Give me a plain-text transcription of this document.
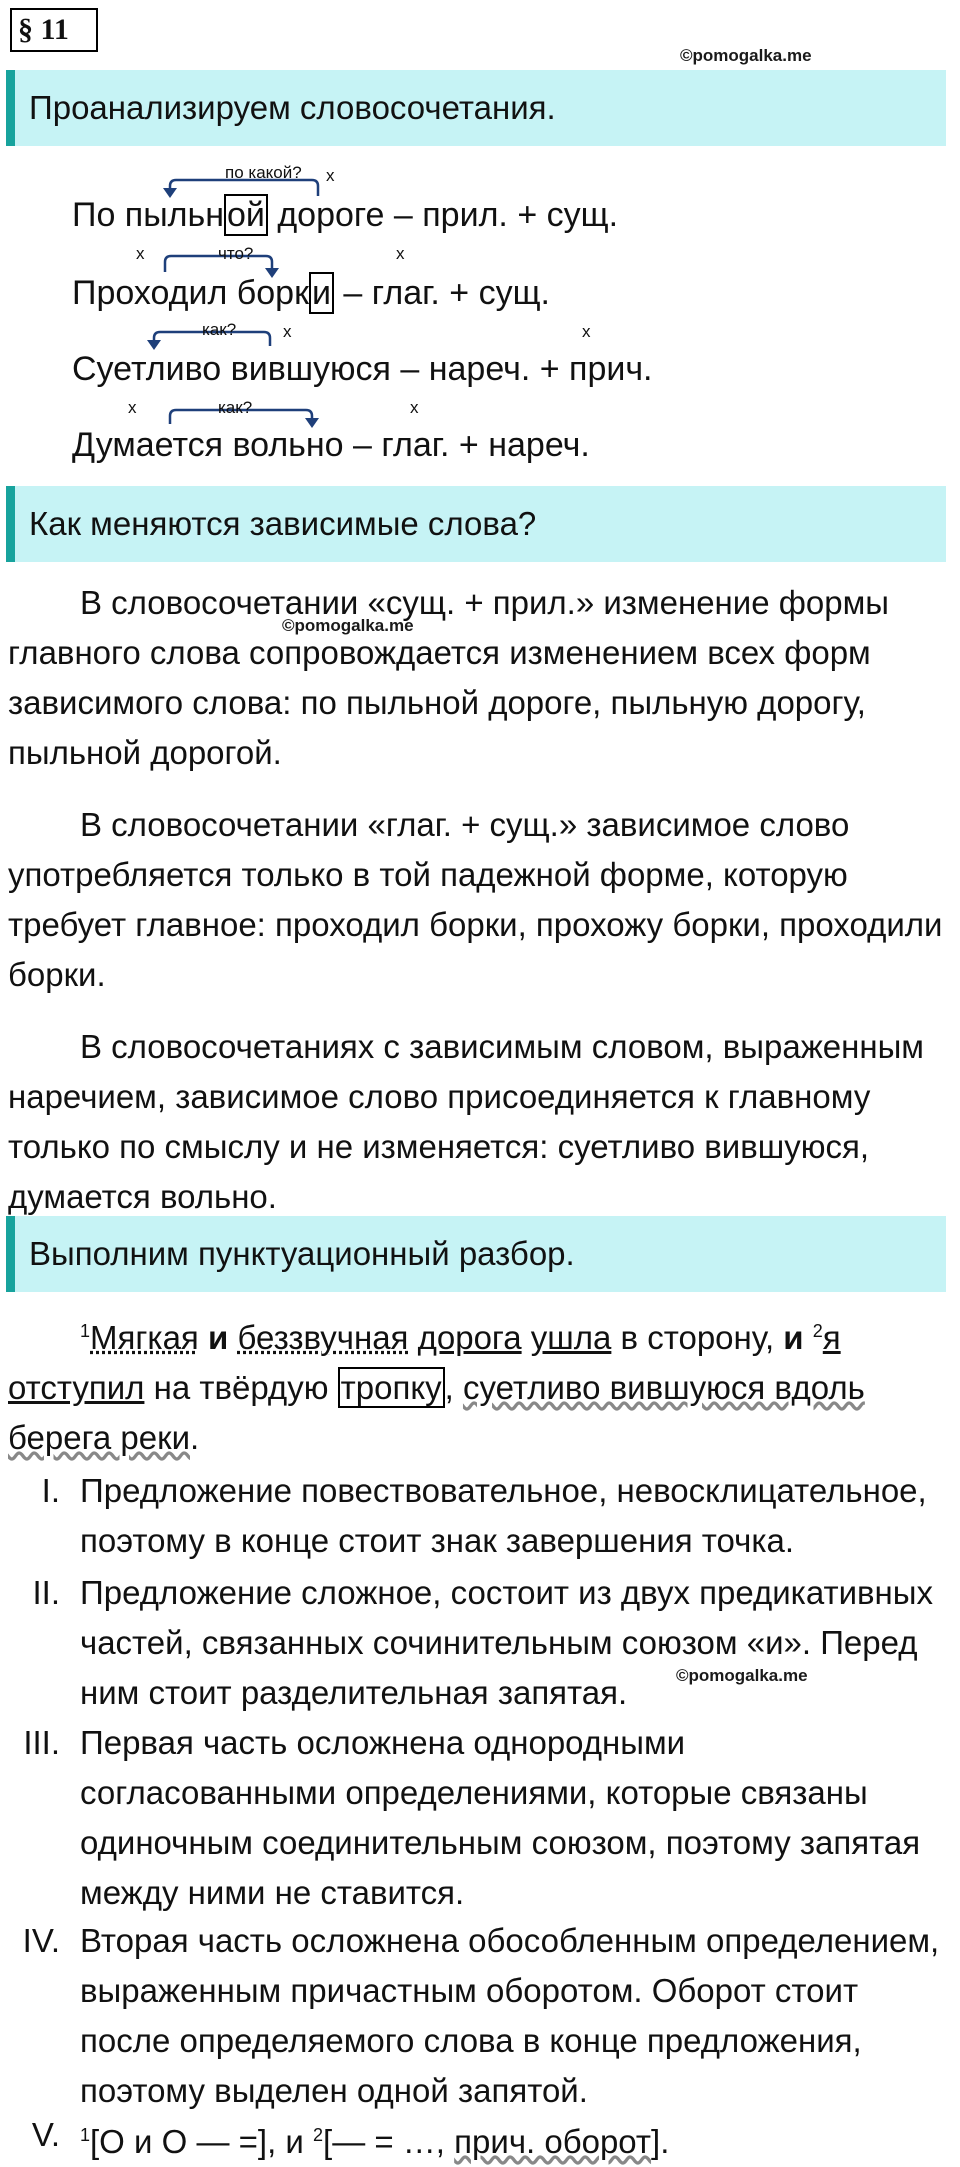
§ 11
©pomogalka.me
Проанализируем словосочетания.
по какой? x
По пыльной дороге – прил. + сущ.
x	что?	x
Проходил борки – глаг. + сущ.
как?	x	x
Суетливо вившуюся – нареч. + прич.
x	как?	x
Думается вольно – глаг. + нареч.
Как меняются зависимые слова?

В словосочетании «сущ. + прил.» изменение формы главного слова сопровождается изменением всех форм зависимого слова: по пыльной дороге, пыльную дорогу, пыльной дорогой.

В словосочетании «глаг. + сущ.» зависимое слово употребляется только в той падежной форме, которую требует главное: проходил борки, прохожу борки, проходили борки.

В словосочетаниях с зависимым словом, выраженным наречием, зависимое слово присоединяется к главному только по смыслу и не изменяется: суетливо вившуюся, думается вольно.

©pomogalka.me
Выполним пунктуационный разбор.

$^1$Мягкая и беззвучная дорога ушла в сторону, и $^2$я отступил на твёрдую тропку, суетливо вившуюся вдоль берега реки.

I. Предложение повествовательное, невосклицательное, поэтому в конце стоит знак завершения точка.
II. Предложение сложное, состоит из двух предикативных частей, связанных сочинительным союзом «и». Перед ним стоит разделительная запятая.	©pomogalka.me
III. Первая часть осложнена однородными согласованными определениями, которые связаны одиночным соединительным союзом, поэтому запятая между ними не ставится.
IV. Вторая часть осложнена обособленным определением, выраженным причастным оборотом. Оборот стоит после определяемого слова в конце предложения, поэтому выделен одной запятой.
V. $^1$[О и О — =], и $^2$[— = …, прич. оборот].
